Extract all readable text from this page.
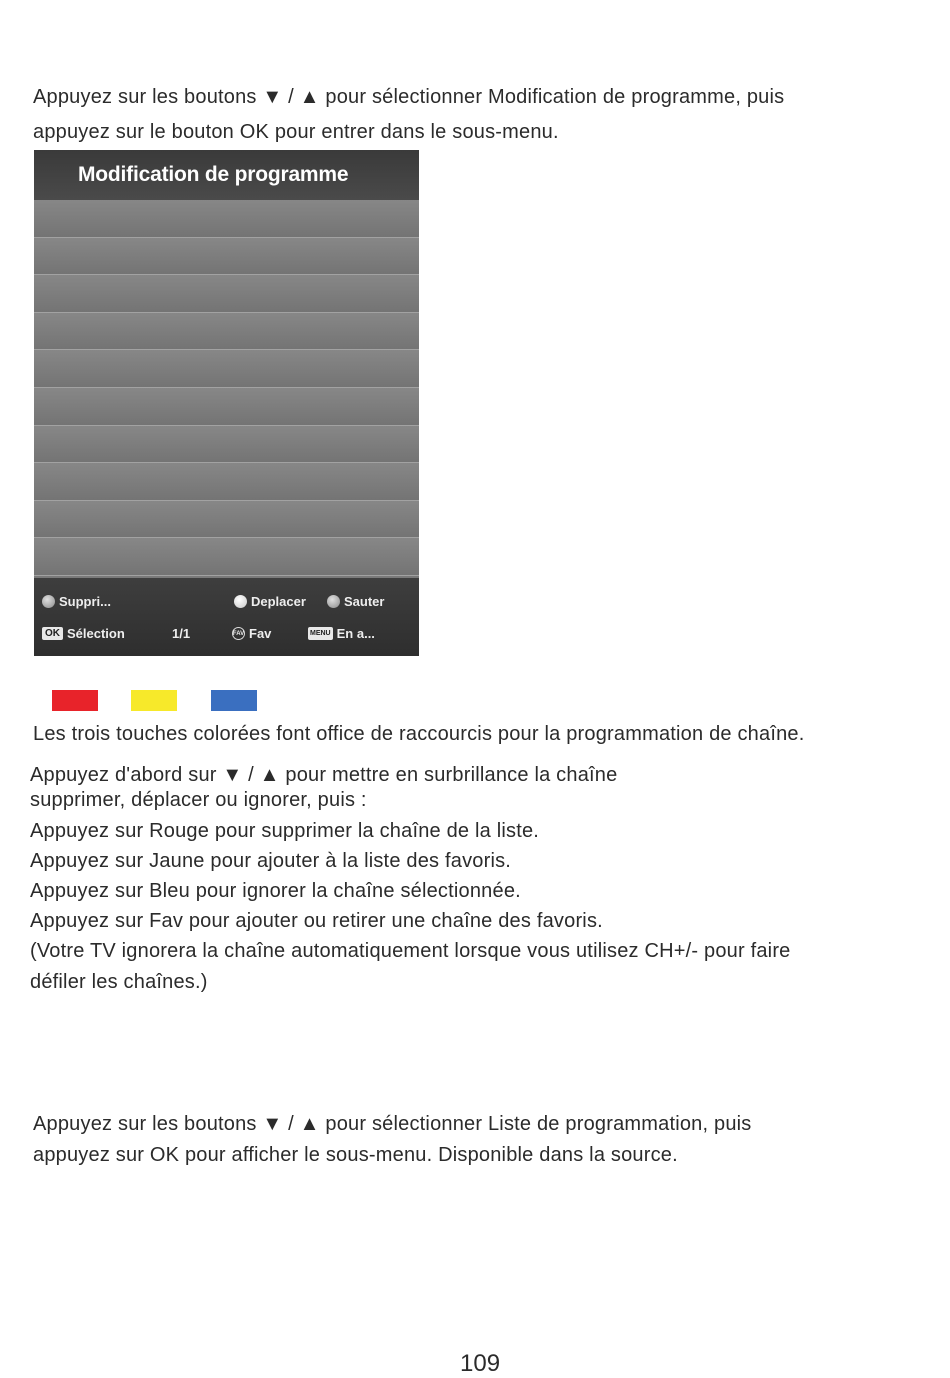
Appuyez sur les boutons ▼ / ▲ pour sélectionner Modification de programme, puis
appuyez sur le bouton OK pour entrer dans le sous-menu.
Modification de programme
Suppri...	Deplacer	Sauter
OK Sélection	1/1	FAV Fav	MENU En a...
Les trois touches colorées font office de raccourcis pour la programmation de chaîne.
Appuyez d'abord sur ▼ / ▲ pour mettre en surbrillance la chaîne
supprimer, déplacer ou ignorer, puis :
Appuyez sur Rouge pour supprimer la chaîne de la liste.
Appuyez sur Jaune pour ajouter à la liste des favoris.
Appuyez sur Bleu pour ignorer la chaîne sélectionnée.
Appuyez sur Fav pour ajouter ou retirer une chaîne des favoris.
(Votre TV ignorera la chaîne automatiquement lorsque vous utilisez CH+/- pour faire
défiler les chaînes.)
Appuyez sur les boutons ▼ / ▲ pour sélectionner Liste de programmation, puis
appuyez sur OK pour afficher le sous-menu. Disponible dans la source.
109
